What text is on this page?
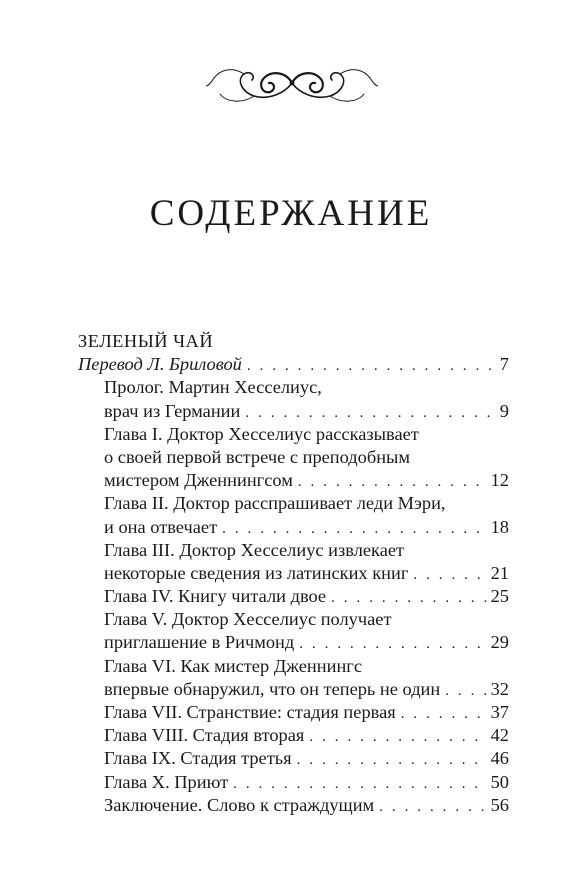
СОДЕРЖАНИЕ
ЗЕЛЕНЫЙ ЧАЙ
Перевод Л. Бриловой . . .	7
Пролог. Мартин Хесселиус,
врач из Германии . . .	9
Глава I. Доктор Хесселиус рассказывает
о своей первой встрече с преподобным
мистером Дженнингсом . . .	12
Глава II. Доктор расспрашивает леди Мэри,
и она отвечает . . .	18
Глава III. Доктор Хесселиус извлекает
некоторые сведения из латинских книг . . .	21
Глава IV. Книгу читали двое . . .	25
Глава V. Доктор Хесселиус получает
приглашение в Ричмонд . . .	29
Глава VI. Как мистер Дженнингс
впервые обнаружил, что он теперь не один . . .	32
Глава VII. Странствие: стадия первая . . .	37
Глава VIII. Стадия вторая . . .	42
Глава IX. Стадия третья . . .	46
Глава X. Приют . . .	50
Заключение. Слово к страждущим . . .	56
